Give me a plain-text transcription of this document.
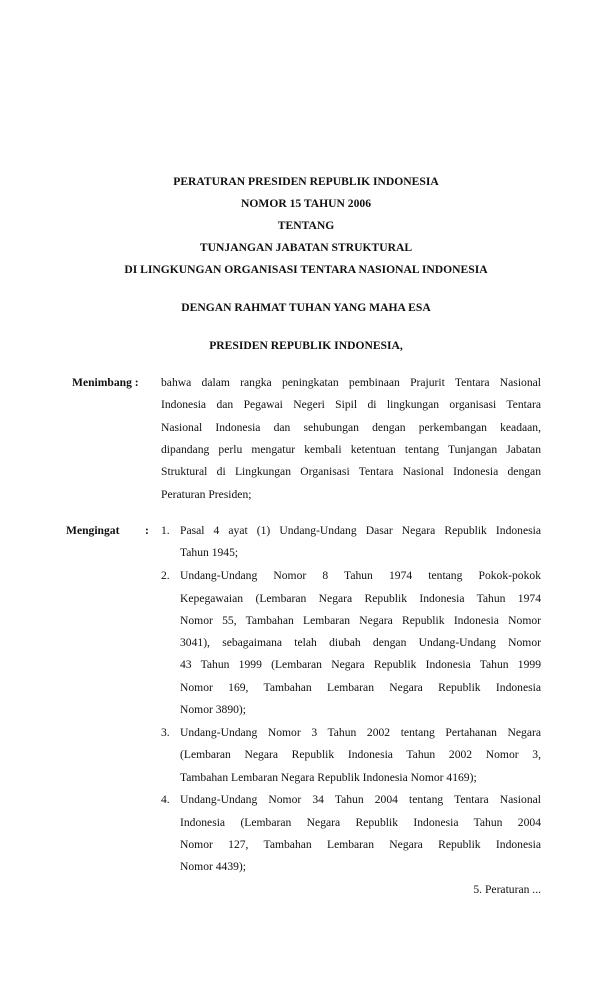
PERATURAN PRESIDEN REPUBLIK INDONESIA
NOMOR 15 TAHUN 2006
TENTANG
TUNJANGAN JABATAN STRUKTURAL
DI LINGKUNGAN ORGANISASI TENTARA NASIONAL INDONESIA
DENGAN RAHMAT TUHAN YANG MAHA ESA
PRESIDEN REPUBLIK INDONESIA,
Menimbang : bahwa dalam rangka peningkatan pembinaan Prajurit Tentara Nasional
Indonesia dan Pegawai Negeri Sipil di lingkungan organisasi Tentara
Nasional Indonesia dan sehubungan dengan perkembangan keadaan,
dipandang perlu mengatur kembali ketentuan tentang Tunjangan Jabatan
Struktural di Lingkungan Organisasi Tentara Nasional Indonesia dengan
Peraturan Presiden;
Mengingat : 1. Pasal 4 ayat (1) Undang-Undang Dasar Negara Republik Indonesia
Tahun 1945;
2. Undang-Undang Nomor 8 Tahun 1974 tentang Pokok-pokok
Kepegawaian (Lembaran Negara Republik Indonesia Tahun 1974
Nomor 55, Tambahan Lembaran Negara Republik Indonesia Nomor
3041), sebagaimana telah diubah dengan Undang-Undang Nomor
43 Tahun 1999 (Lembaran Negara Republik Indonesia Tahun 1999
Nomor 169, Tambahan Lembaran Negara Republik Indonesia
Nomor 3890);
3. Undang-Undang Nomor 3 Tahun 2002 tentang Pertahanan Negara
(Lembaran Negara Republik Indonesia Tahun 2002 Nomor 3,
Tambahan Lembaran Negara Republik Indonesia Nomor 4169);
4. Undang-Undang Nomor 34 Tahun 2004 tentang Tentara Nasional
Indonesia (Lembaran Negara Republik Indonesia Tahun 2004
Nomor 127, Tambahan Lembaran Negara Republik Indonesia
Nomor 4439);
5. Peraturan ...
